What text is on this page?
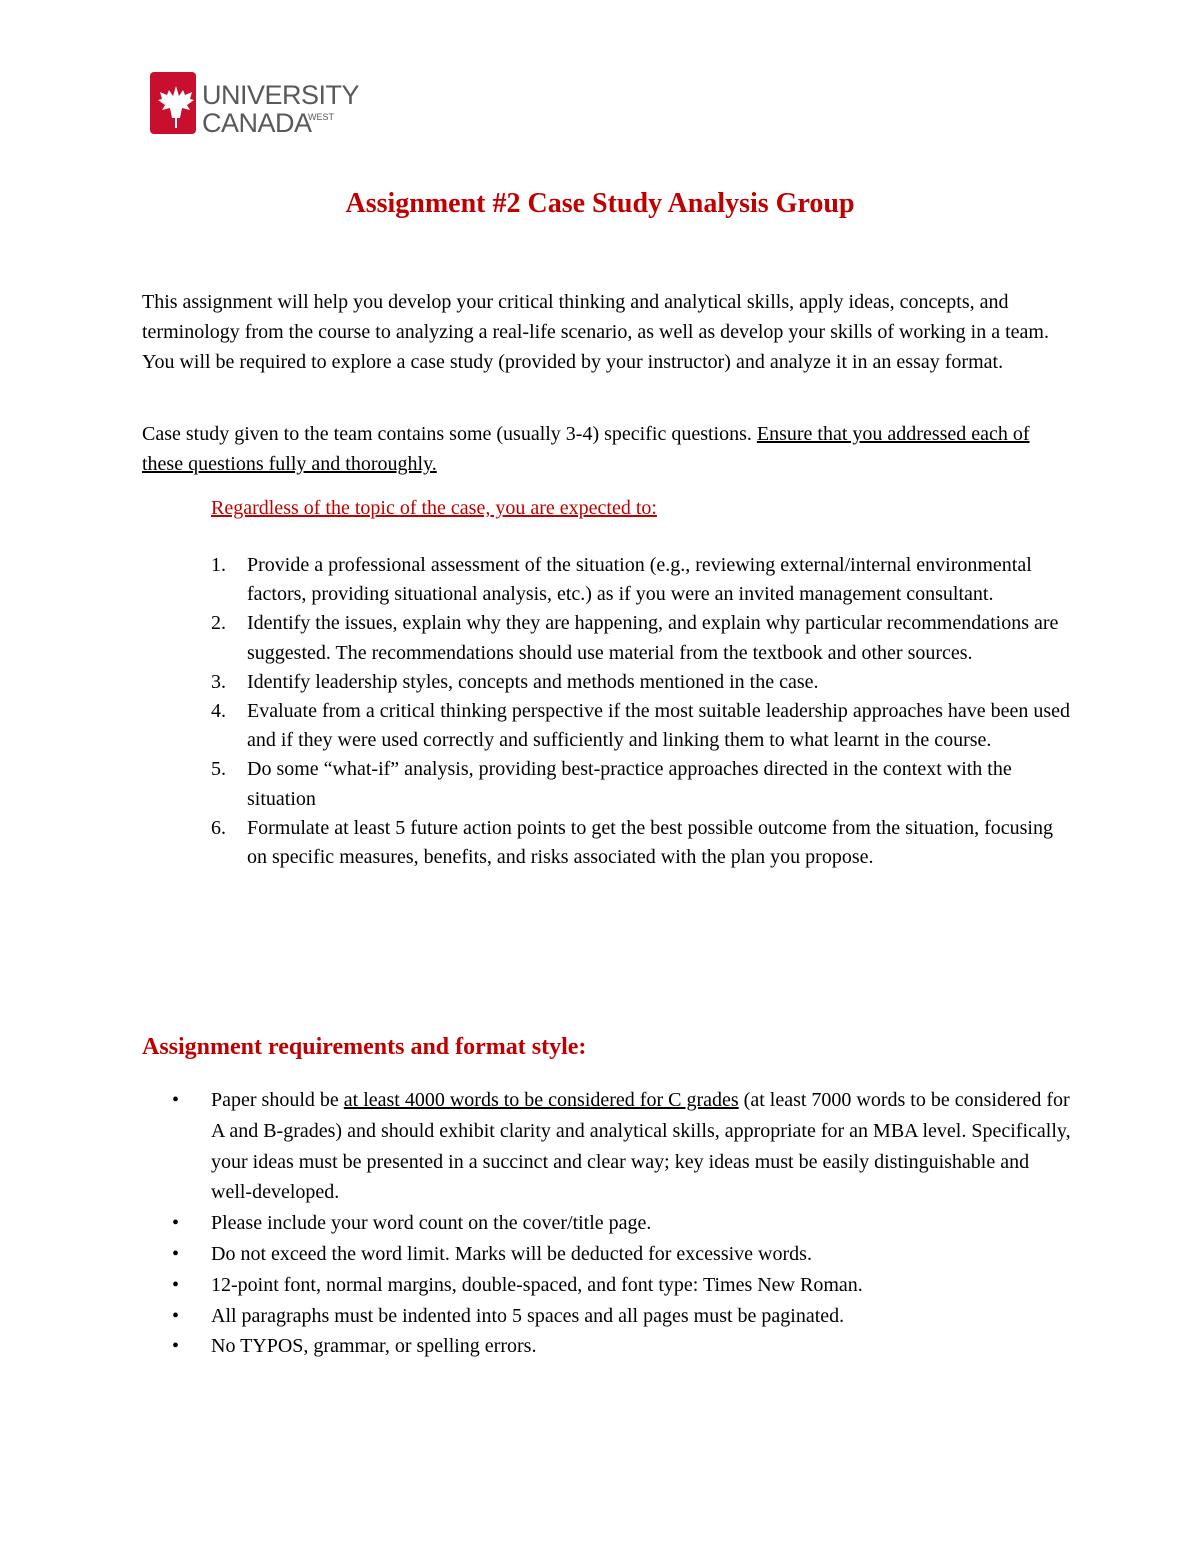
UNIVERSITY
CANADA
WEST
Assignment #2 Case Study Analysis Group

This assignment will help you develop your critical thinking and analytical skills, apply ideas, concepts, and terminology from the course to analyzing a real-life scenario, as well as develop your skills of working in a team. You will be required to explore a case study (provided by your instructor) and analyze it in an essay format.

Case study given to the team contains some (usually 3-4) specific questions. Ensure that you addressed each of these questions fully and thoroughly.

Regardless of the topic of the case, you are expected to:

1. Provide a professional assessment of the situation (e.g., reviewing external/internal environmental factors, providing situational analysis, etc.) as if you were an invited management consultant.
2. Identify the issues, explain why they are happening, and explain why particular recommendations are suggested. The recommendations should use material from the textbook and other sources.
3. Identify leadership styles, concepts and methods mentioned in the case.
4. Evaluate from a critical thinking perspective if the most suitable leadership approaches have been used and if they were used correctly and sufficiently and linking them to what learnt in the course.
5. Do some “what-if” analysis, providing best-practice approaches directed in the context with the situation
6. Formulate at least 5 future action points to get the best possible outcome from the situation, focusing on specific measures, benefits, and risks associated with the plan you propose.
Assignment requirements and format style:
• Paper should be at least 4000 words to be considered for C grades (at least 7000 words to be considered for A and B-grades) and should exhibit clarity and analytical skills, appropriate for an MBA level. Specifically, your ideas must be presented in a succinct and clear way; key ideas must be easily distinguishable and well-developed.
• Please include your word count on the cover/title page.
• Do not exceed the word limit. Marks will be deducted for excessive words.
• 12-point font, normal margins, double-spaced, and font type: Times New Roman.
• All paragraphs must be indented into 5 spaces and all pages must be paginated.
• No TYPOS, grammar, or spelling errors.
